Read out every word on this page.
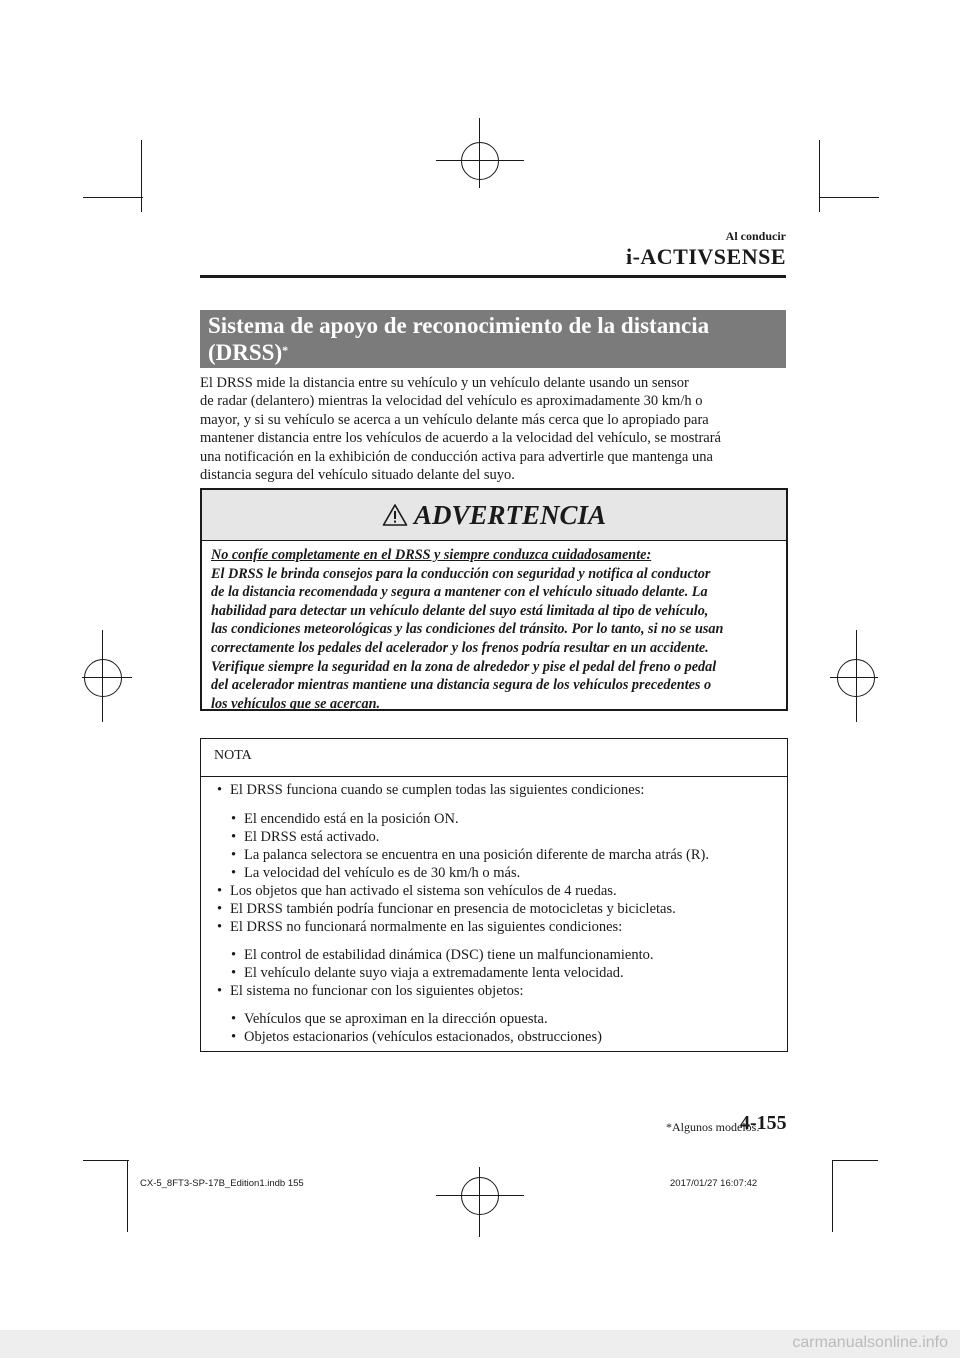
Al conducir
i-ACTIVSENSE
Sistema de apoyo de reconocimiento de la distancia
(DRSS)*

El DRSS mide la distancia entre su vehículo y un vehículo delante usando un sensor
de radar (delantero) mientras la velocidad del vehículo es aproximadamente 30 km/h o
mayor, y si su vehículo se acerca a un vehículo delante más cerca que lo apropiado para
mantener distancia entre los vehículos de acuerdo a la velocidad del vehículo, se mostrará
una notificación en la exhibición de conducción activa para advertirle que mantenga una
distancia segura del vehículo situado delante del suyo.

ADVERTENCIA
No confíe completamente en el DRSS y siempre conduzca cuidadosamente:
El DRSS le brinda consejos para la conducción con seguridad y notifica al conductor
de la distancia recomendada y segura a mantener con el vehículo situado delante. La
habilidad para detectar un vehículo delante del suyo está limitada al tipo de vehículo,
las condiciones meteorológicas y las condiciones del tránsito. Por lo tanto, si no se usan
correctamente los pedales del acelerador y los frenos podría resultar en un accidente.
Verifique siempre la seguridad en la zona de alrededor y pise el pedal del freno o pedal
del acelerador mientras mantiene una distancia segura de los vehículos precedentes o
los vehículos que se acercan.
NOTA
• El DRSS funciona cuando se cumplen todas las siguientes condiciones:
• El encendido está en la posición ON.
• El DRSS está activado.
• La palanca selectora se encuentra en una posición diferente de marcha atrás (R).
• La velocidad del vehículo es de 30 km/h o más.
• Los objetos que han activado el sistema son vehículos de 4 ruedas.
• El DRSS también podría funcionar en presencia de motocicletas y bicicletas.
• El DRSS no funcionará normalmente en las siguientes condiciones:
• El control de estabilidad dinámica (DSC) tiene un malfuncionamiento.
• El vehículo delante suyo viaja a extremadamente lenta velocidad.
• El sistema no funcionar con los siguientes objetos:
• Vehículos que se aproximan en la dirección opuesta.
• Objetos estacionarios (vehículos estacionados, obstrucciones)
*Algunos modelos.
4-155
CX-5_8FT3-SP-17B_Edition1.indb 155	2017/01/27 16:07:42
carmanualsonline.info
